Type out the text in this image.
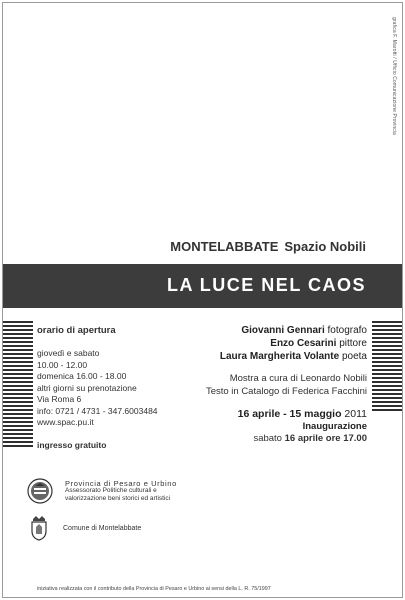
grafica F. Marotti / Ufficio Comunicazione Provincia
MONTELABBATE Spazio Nobili
LA LUCE NEL CAOS
orario di apertura
giovedì e sabato
10.00 - 12.00
domenica 16.00 - 18.00
altri giorni su prenotazione
Via Roma 6
info: 0721 / 4731 - 347.6003484
www.spac.pu.it
ingresso gratuito
Giovanni Gennari fotografo
Enzo Cesarini pittore
Laura Margherita Volante poeta
Mostra a cura di Leonardo Nobili
Testo in Catalogo di Federica Facchini
16 aprile - 15 maggio 2011
Inaugurazione
sabato 16 aprile ore 17.00
Provincia di Pesaro e Urbino
Assessorato Politiche culturali e
valorizzazione beni storici ed artistici
Comune di Montelabbate
iniziativa realizzata con il contributo della Provincia di Pesaro e Urbino ai sensi della L. R. 75/1997
